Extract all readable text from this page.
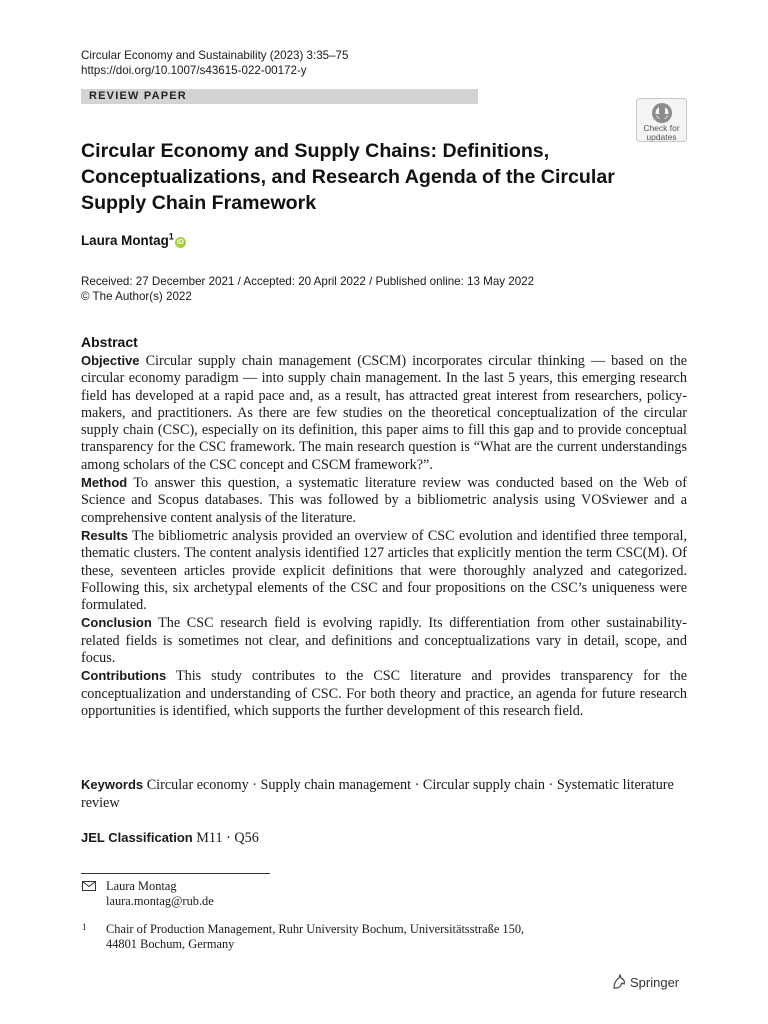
Circular Economy and Sustainability (2023) 3:35–75
https://doi.org/10.1007/s43615-022-00172-y
REVIEW PAPER
Check for
updates
Circular Economy and Supply Chains: Definitions, Conceptualizations, and Research Agenda of the Circular Supply Chain Framework
Laura Montag$^1$iD
Received: 27 December 2021 / Accepted: 20 April 2022 / Published online: 13 May 2022
© The Author(s) 2022
Abstract

Objective Circular supply chain management (CSCM) incorporates circular thinking — based on the circular economy paradigm — into supply chain management. In the last 5 years, this emerging research field has developed at a rapid pace and, as a result, has attracted great interest from researchers, policy-makers, and practitioners. As there are few studies on the theoretical conceptualization of the circular supply chain (CSC), especially on its definition, this paper aims to fill this gap and to provide conceptual transparency for the CSC framework. The main research question is “What are the current understandings among scholars of the CSC concept and CSCM framework?”.

Method To answer this question, a systematic literature review was conducted based on the Web of Science and Scopus databases. This was followed by a bibliometric analysis using VOSviewer and a comprehensive content analysis of the literature.

Results The bibliometric analysis provided an overview of CSC evolution and identified three temporal, thematic clusters. The content analysis identified 127 articles that explicitly mention the term CSC(M). Of these, seventeen articles provide explicit definitions that were thoroughly analyzed and categorized. Following this, six archetypal elements of the CSC and four propositions on the CSC’s uniqueness were formulated.

Conclusion The CSC research field is evolving rapidly. Its differentiation from other sustainability-related fields is sometimes not clear, and definitions and conceptualizations vary in detail, scope, and focus.

Contributions This study contributes to the CSC literature and provides transparency for the conceptualization and understanding of CSC. For both theory and practice, an agenda for future research opportunities is identified, which supports the further development of this research field.

Keywords Circular economy · Supply chain management · Circular supply chain · Systematic literature review
JEL Classification M11 · Q56
Laura Montag
laura.montag@rub.de
1 Chair of Production Management, Ruhr University Bochum, Universitätsstraße 150,
44801 Bochum, Germany
Springer
